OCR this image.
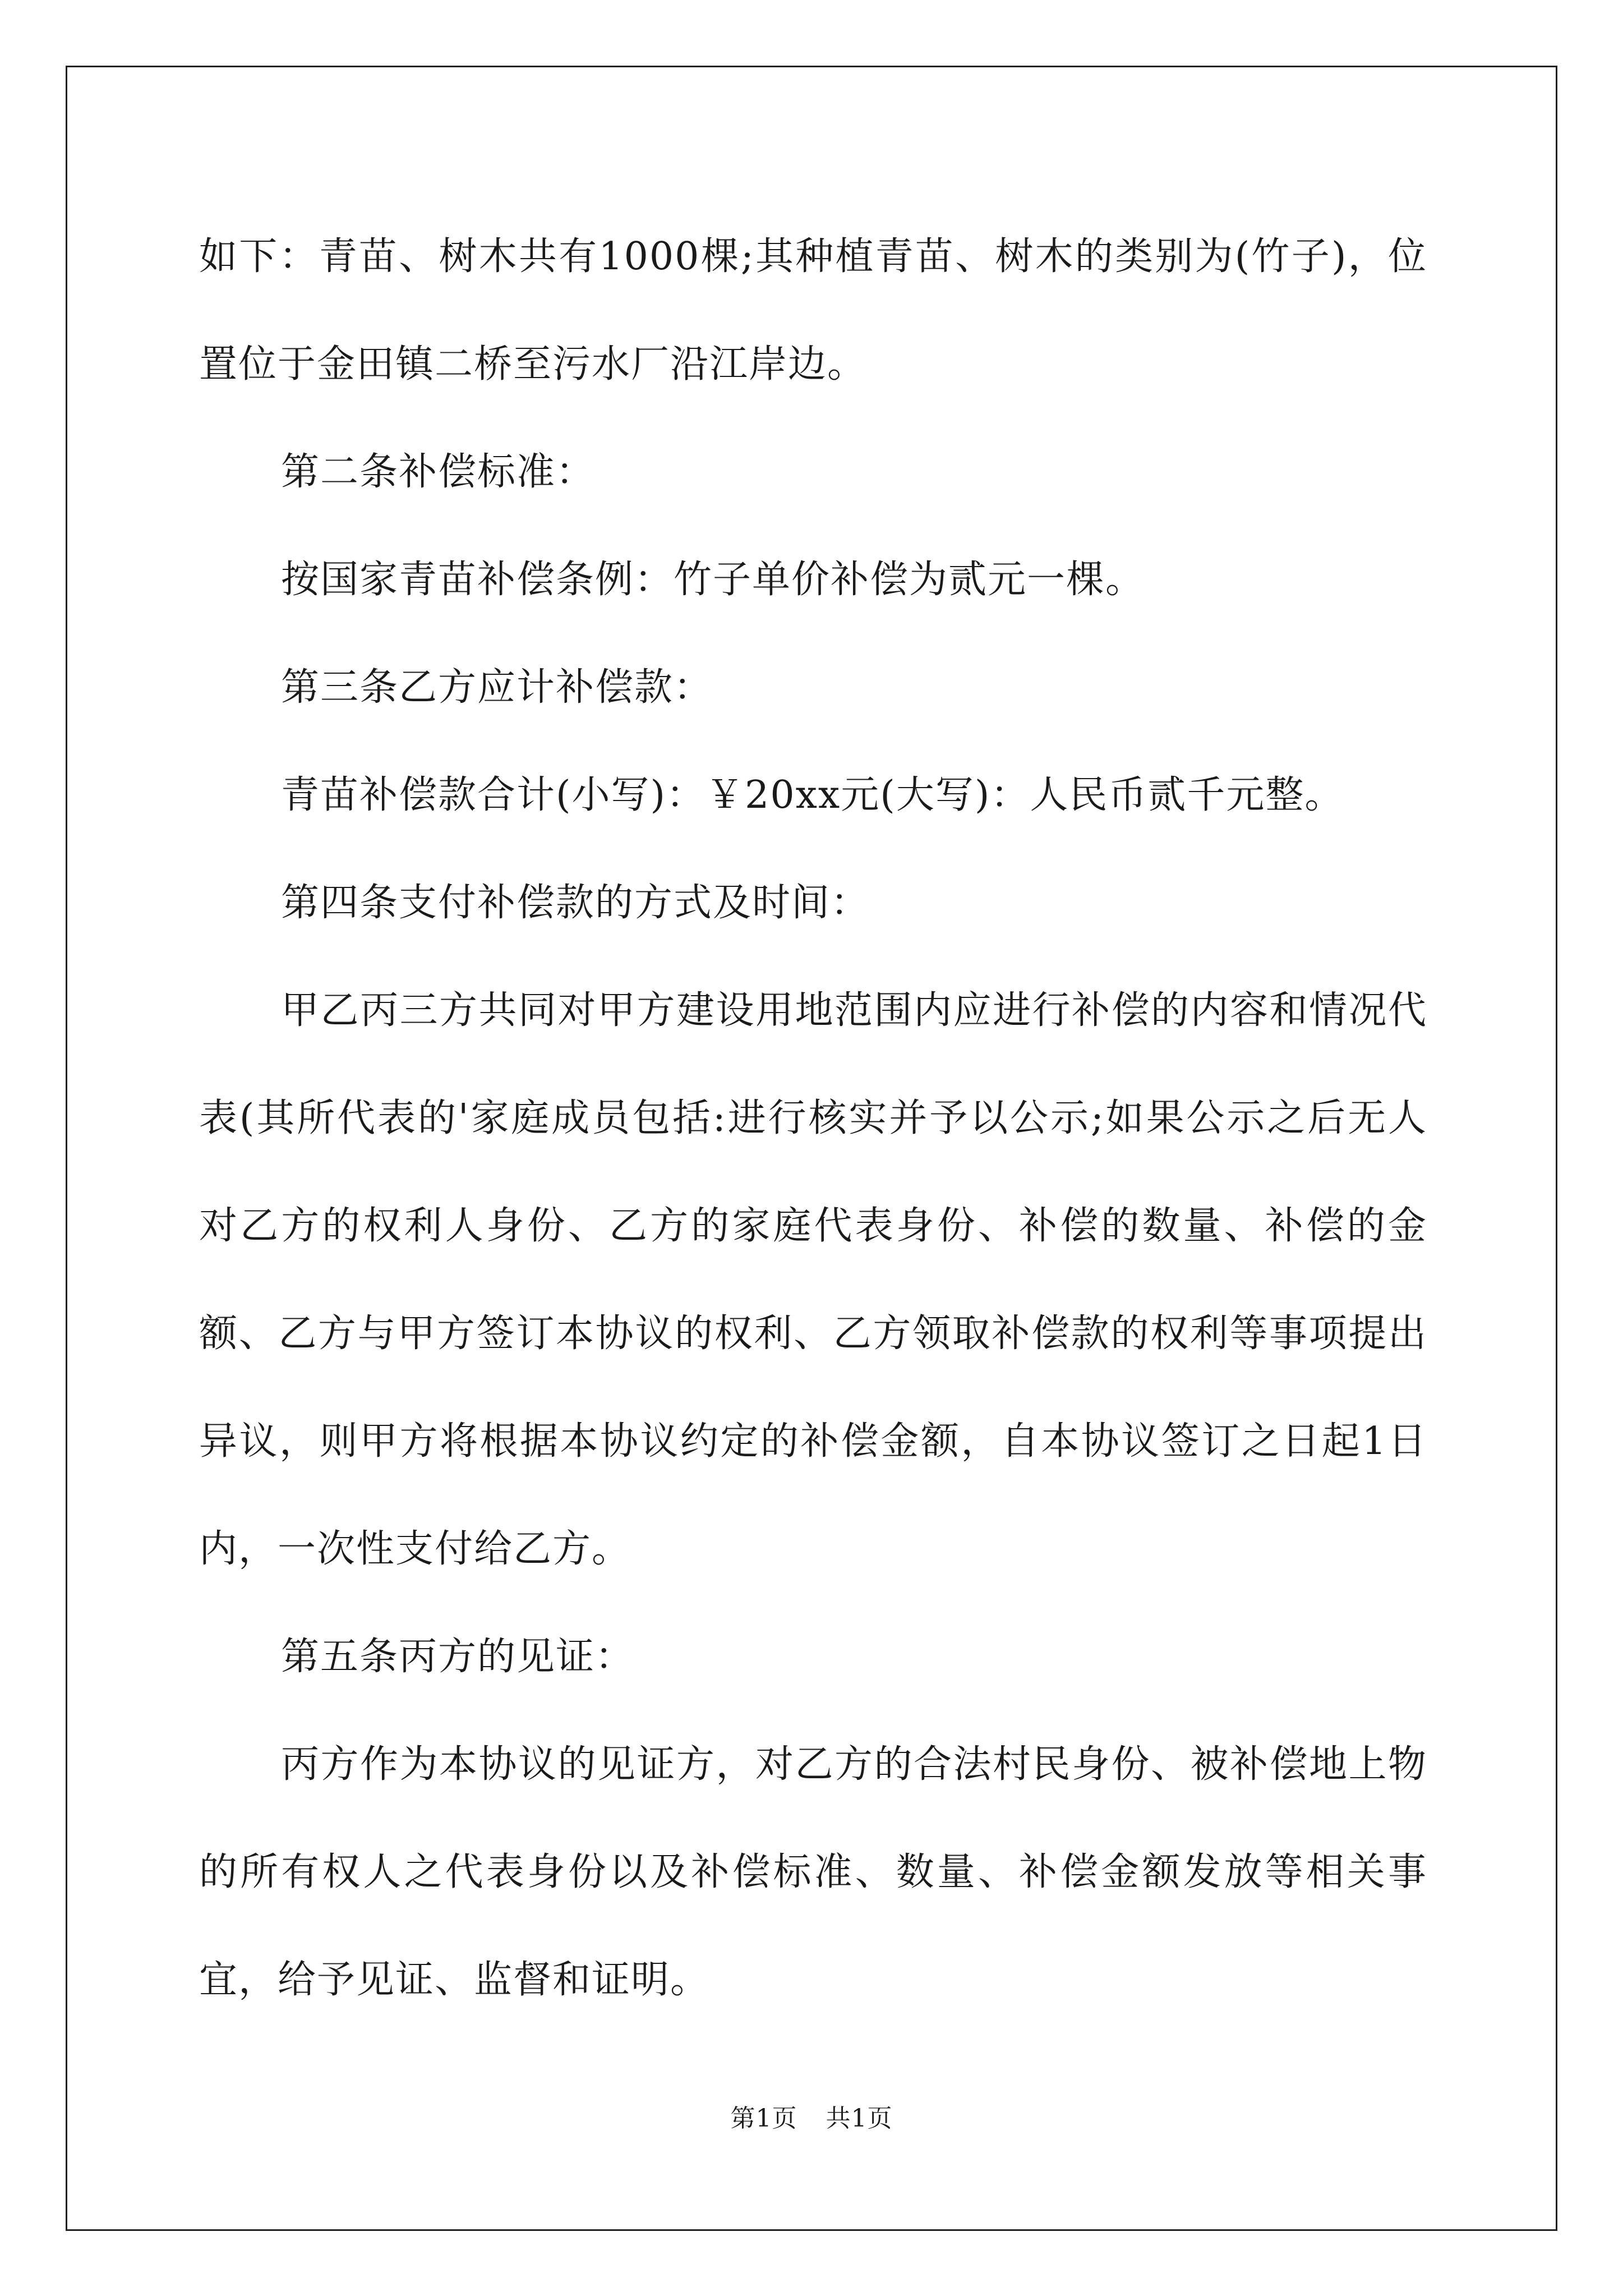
如下：青苗、树木共有1000棵;其种植青苗、树木的类别为(竹子)，位置位于金田镇二桥至污水厂沿江岸边。

第二条补偿标准：

按国家青苗补偿条例：竹子单价补偿为贰元一棵。

第三条乙方应计补偿款：

青苗补偿款合计(小写)：￥20xx元(大写)：人民币贰千元整。

第四条支付补偿款的方式及时间：

甲乙丙三方共同对甲方建设用地范围内应进行补偿的内容和情况代表(其所代表的'家庭成员包括:进行核实并予以公示;如果公示之后无人对乙方的权利人身份、乙方的家庭代表身份、补偿的数量、补偿的金额、乙方与甲方签订本协议的权利、乙方领取补偿款的权利等事项提出异议，则甲方将根据本协议约定的补偿金额，自本协议签订之日起1日内，一次性支付给乙方。

第五条丙方的见证：

丙方作为本协议的见证方，对乙方的合法村民身份、被补偿地上物的所有权人之代表身份以及补偿标准、数量、补偿金额发放等相关事宜，给予见证、监督和证明。

第1页 共1页
